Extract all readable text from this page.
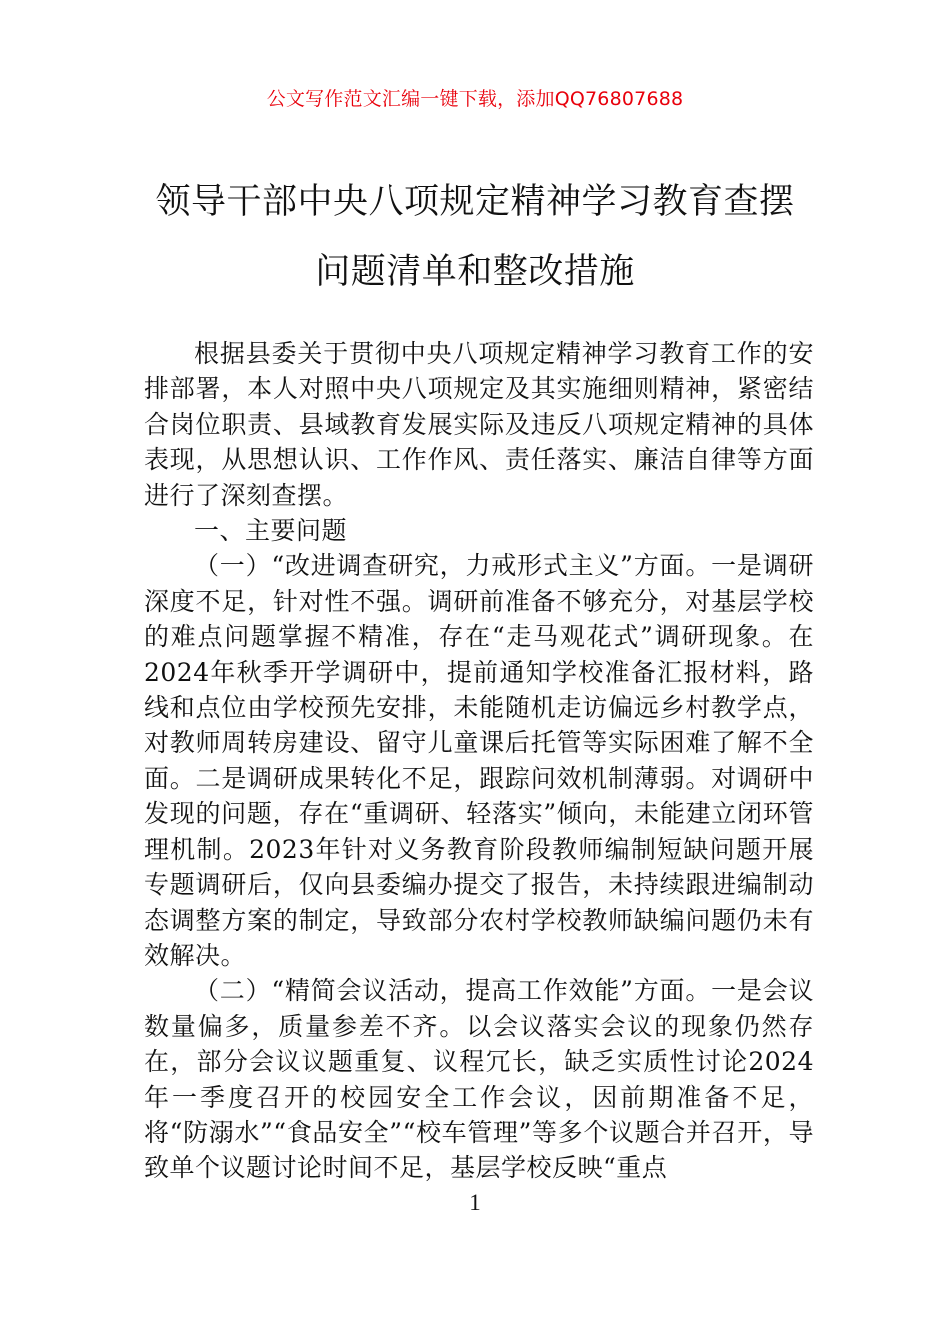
公文写作范文汇编一键下载，添加QQ76807688
领导干部中央八项规定精神学习教育查摆
问题清单和整改措施

根据县委关于贯彻中央八项规定精神学习教育工作的安排部署，本人对照中央八项规定及其实施细则精神，紧密结合岗位职责、县域教育发展实际及违反八项规定精神的具体表现，从思想认识、工作作风、责任落实、廉洁自律等方面进行了深刻查摆。

一、主要问题

（一）“改进调查研究，力戒形式主义”方面。一是调研深度不足，针对性不强。调研前准备不够充分，对基层学校的难点问题掌握不精准，存在“走马观花式”调研现象。在2024年秋季开学调研中，提前通知学校准备汇报材料，路线和点位由学校预先安排，未能随机走访偏远乡村教学点，对教师周转房建设、留守儿童课后托管等实际困难了解不全面。二是调研成果转化不足，跟踪问效机制薄弱。对调研中发现的问题，存在“重调研、轻落实”倾向，未能建立闭环管理机制。2023年针对义务教育阶段教师编制短缺问题开展专题调研后，仅向县委编办提交了报告，未持续跟进编制动态调整方案的制定，导致部分农村学校教师缺编问题仍未有效解决。

（二）“精简会议活动，提高工作效能”方面。一是会议数量偏多，质量参差不齐。以会议落实会议的现象仍然存在，部分会议议题重复、议程冗长，缺乏实质性讨论2024年一季度召开的校园安全工作会议，因前期准备不足，将“防溺水”“食品安全”“校车管理”等多个议题合并召开，导致单个议题讨论时间不足，基层学校反映“重点

1
